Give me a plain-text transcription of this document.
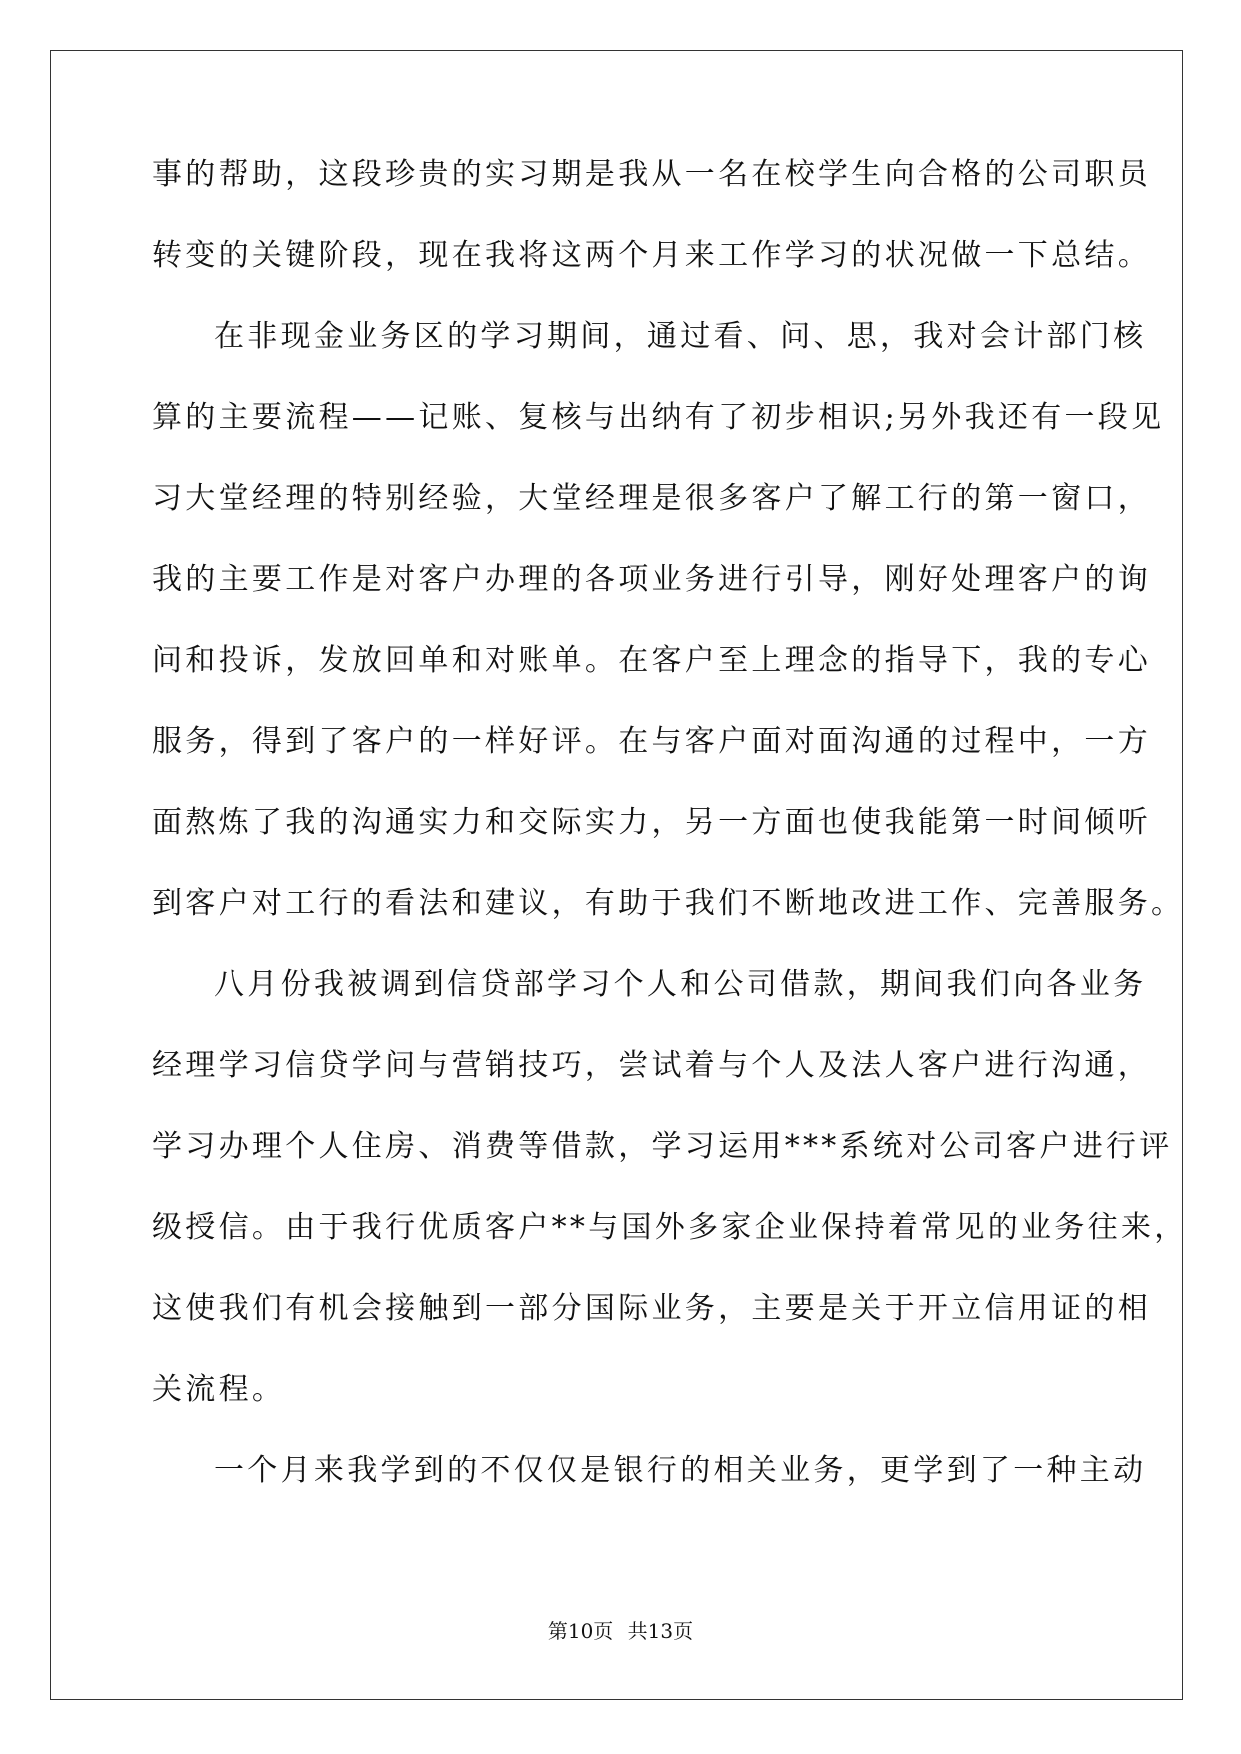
事的帮助，这段珍贵的实习期是我从一名在校学生向合格的公司职员
转变的关键阶段，现在我将这两个月来工作学习的状况做一下总结。
在非现金业务区的学习期间，通过看、问、思，我对会计部门核
算的主要流程——记账、复核与出纳有了初步相识;另外我还有一段见
习大堂经理的特别经验，大堂经理是很多客户了解工行的第一窗口，
我的主要工作是对客户办理的各项业务进行引导，刚好处理客户的询
问和投诉，发放回单和对账单。在客户至上理念的指导下，我的专心
服务，得到了客户的一样好评。在与客户面对面沟通的过程中，一方
面熬炼了我的沟通实力和交际实力，另一方面也使我能第一时间倾听
到客户对工行的看法和建议，有助于我们不断地改进工作、完善服务。
八月份我被调到信贷部学习个人和公司借款，期间我们向各业务
经理学习信贷学问与营销技巧，尝试着与个人及法人客户进行沟通，
学习办理个人住房、消费等借款，学习运用***系统对公司客户进行评
级授信。由于我行优质客户**与国外多家企业保持着常见的业务往来，
这使我们有机会接触到一部分国际业务，主要是关于开立信用证的相
关流程。
一个月来我学到的不仅仅是银行的相关业务，更学到了一种主动
第10页 共13页
